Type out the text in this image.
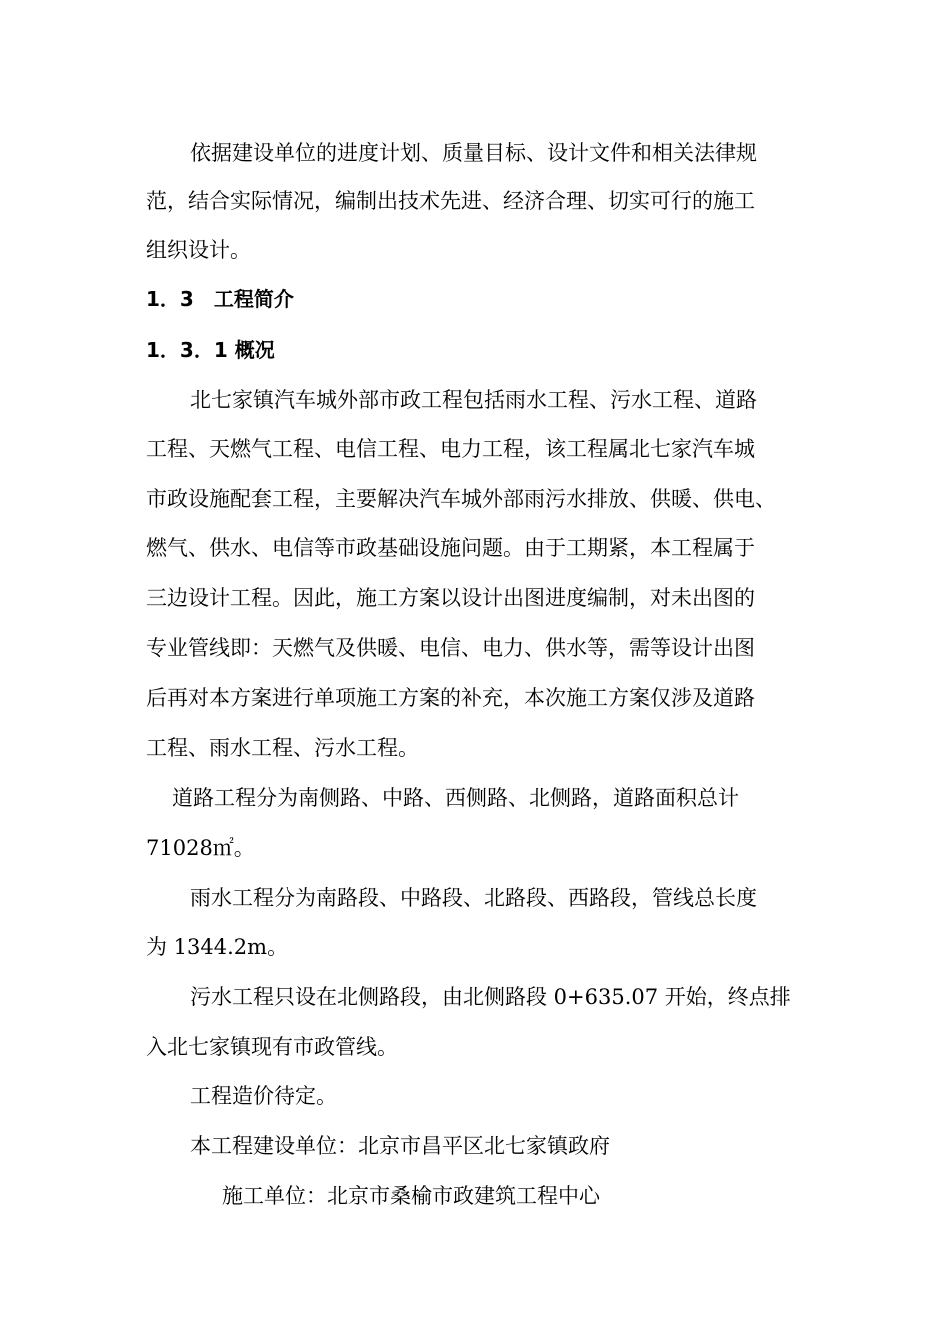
依据建设单位的进度计划、质量目标、设计文件和相关法律规
范，结合实际情况，编制出技术先进、经济合理、切实可行的施工
组织设计。
1．3　工程简介
1．3．1 概况
北七家镇汽车城外部市政工程包括雨水工程、污水工程、道路
工程、天燃气工程、电信工程、电力工程，该工程属北七家汽车城
市政设施配套工程，主要解决汽车城外部雨污水排放、供暖、供电、
燃气、供水、电信等市政基础设施问题。由于工期紧，本工程属于
三边设计工程。因此，施工方案以设计出图进度编制，对未出图的
专业管线即：天燃气及供暖、电信、电力、供水等，需等设计出图
后再对本方案进行单项施工方案的补充，本次施工方案仅涉及道路
工程、雨水工程、污水工程。
道路工程分为南侧路、中路、西侧路、北侧路，道路面积总计
71028㎡。
雨水工程分为南路段、中路段、北路段、西路段，管线总长度
为 1344.2m。
污水工程只设在北侧路段，由北侧路段 0+635.07 开始，终点排
入北七家镇现有市政管线。
工程造价待定。
本工程建设单位：北京市昌平区北七家镇政府
施工单位：北京市桑榆市政建筑工程中心
